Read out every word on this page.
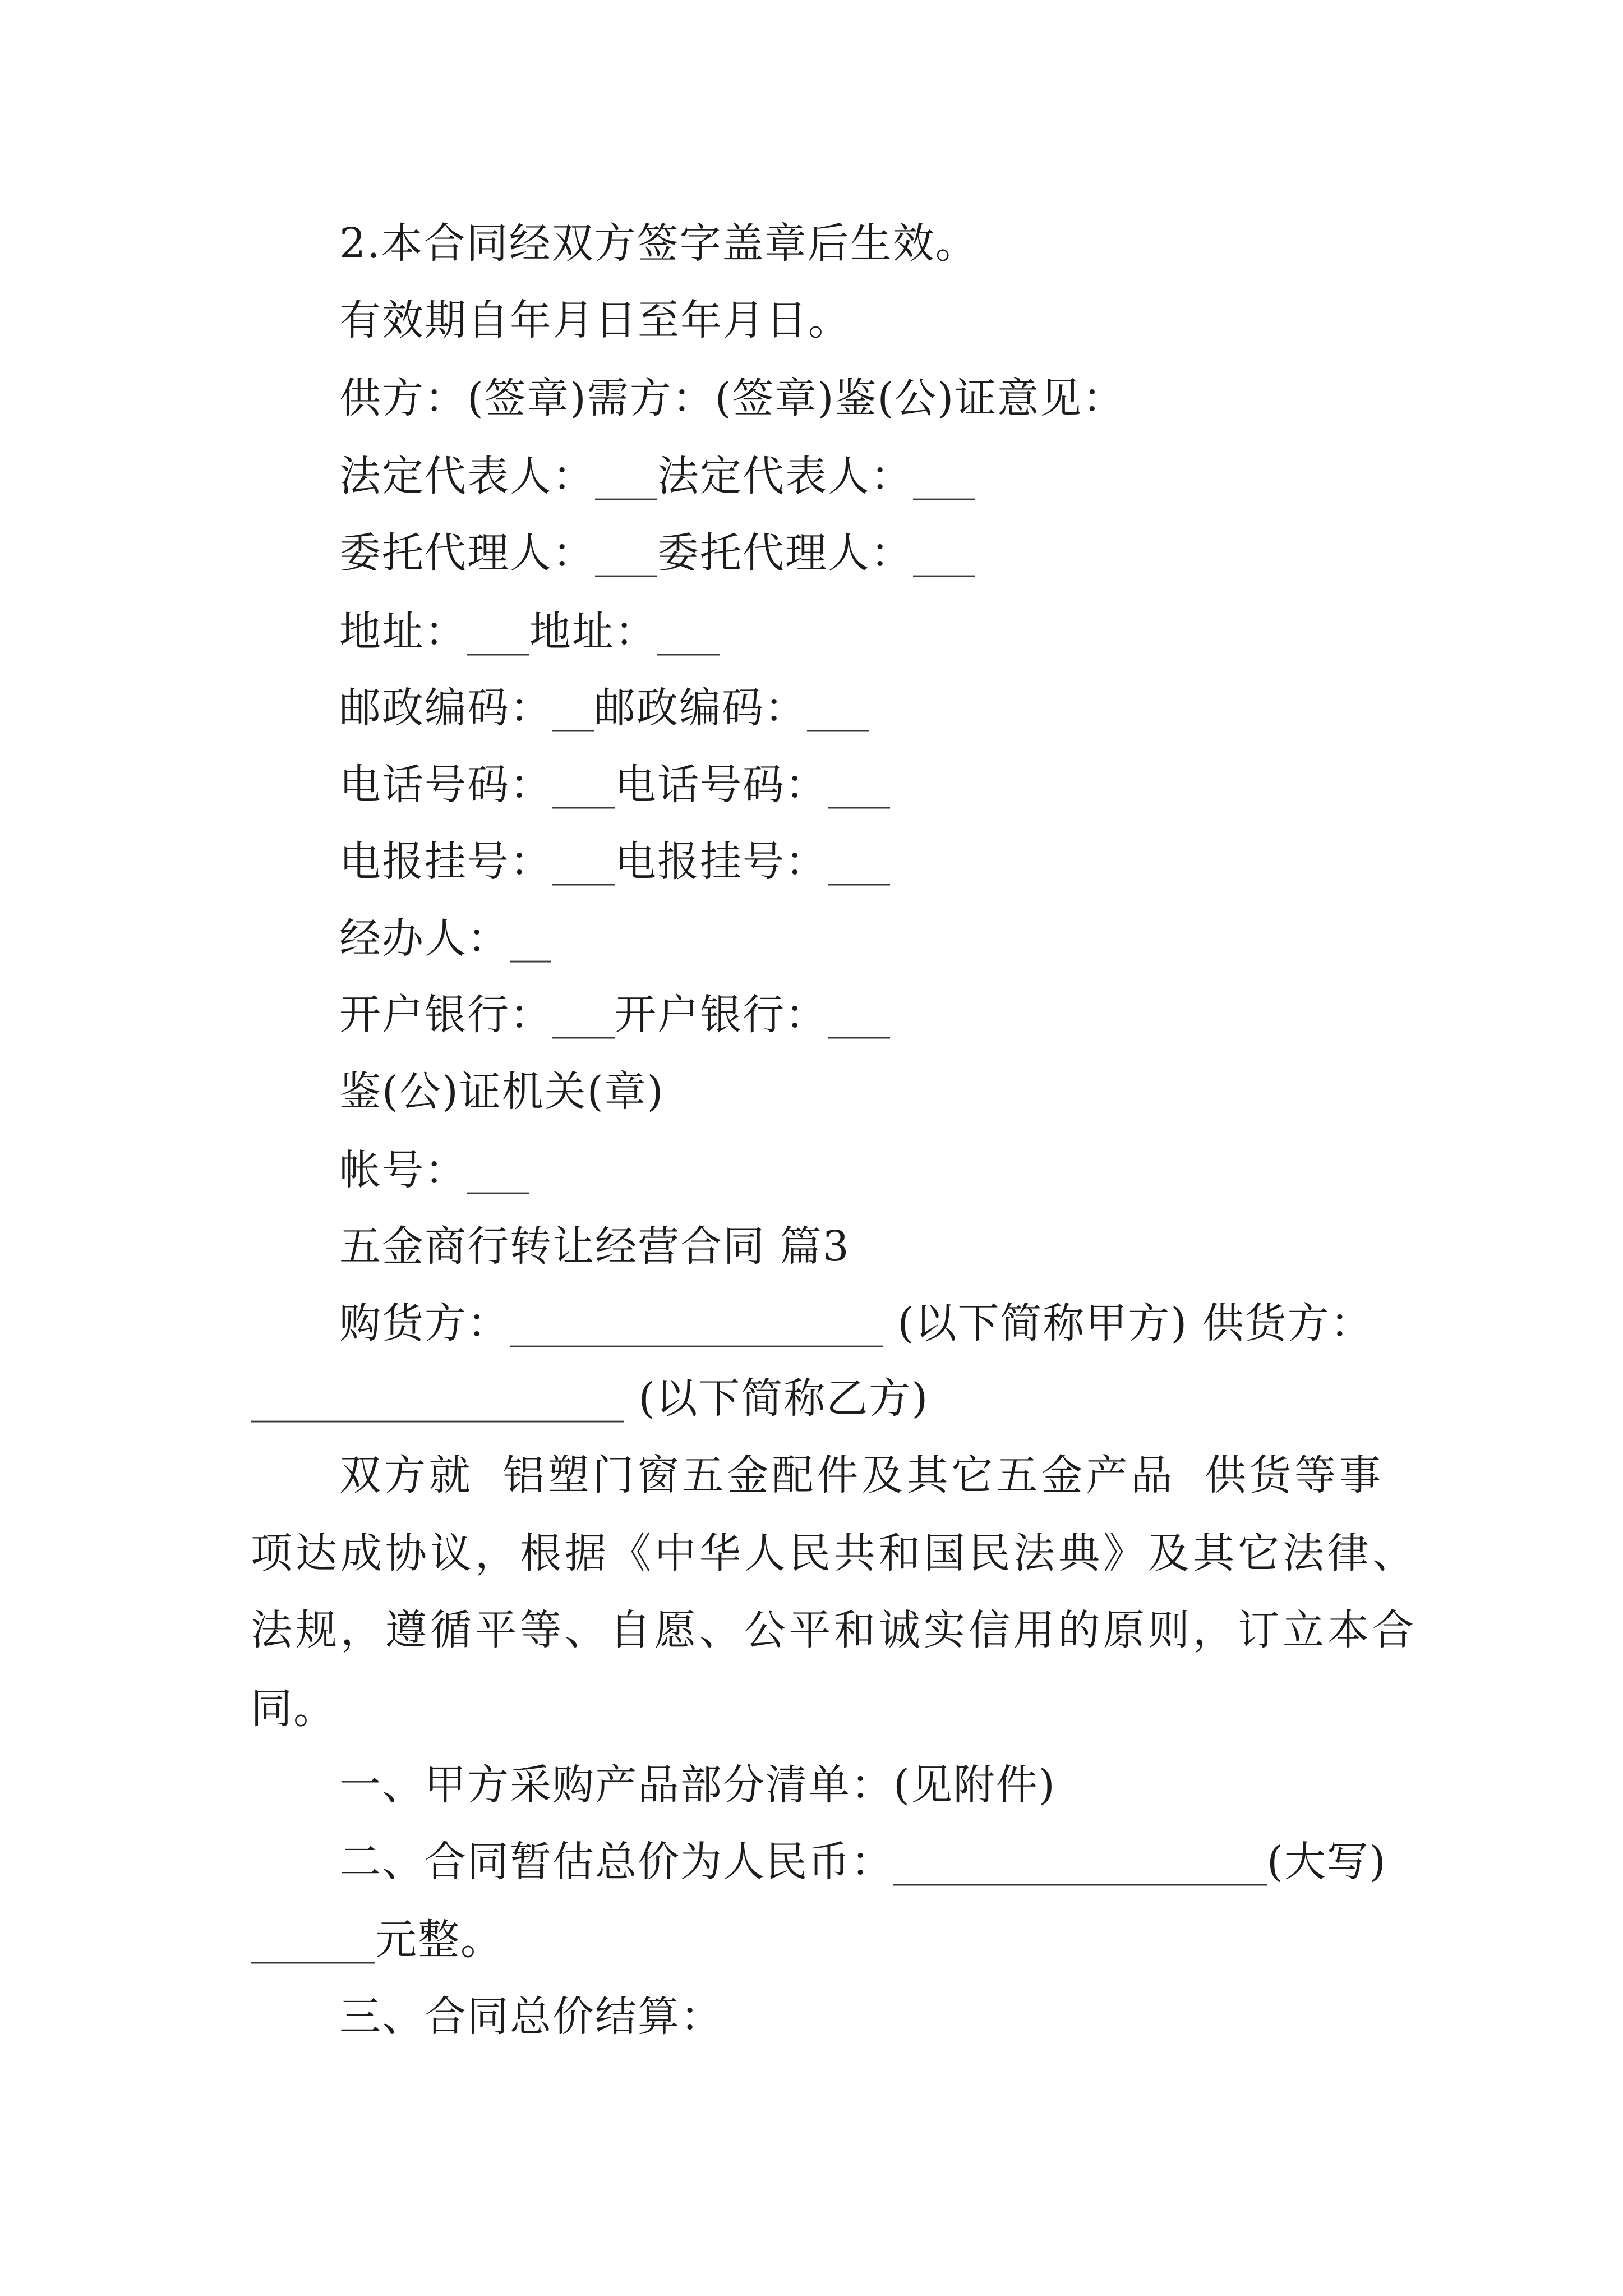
2.本合同经双方签字盖章后生效。

有效期自年月日至年月日。

供方：(签章)需方：(签章)鉴(公)证意见：

法定代表人：___法定代表人：___

委托代理人：___委托代理人：___

地址：___地址：___

邮政编码：__邮政编码：___

电话号码：___电话号码：___

电报挂号：___电报挂号：___

经办人：__

开户银行：___开户银行：___

鉴(公)证机关(章)

帐号：___

五金商行转让经营合同 篇3

购货方：__________________ (以下简称甲方) 供货方：

__________________ (以下简称乙方)

双方就 铝塑门窗五金配件及其它五金产品 供货等事

项达成协议，根据《中华人民共和国民法典》及其它法律、

法规，遵循平等、自愿、公平和诚实信用的原则，订立本合

同。

一、甲方采购产品部分清单：(见附件)

二、合同暂估总价为人民币：__________________(大写)

______元整。

三、合同总价结算：
